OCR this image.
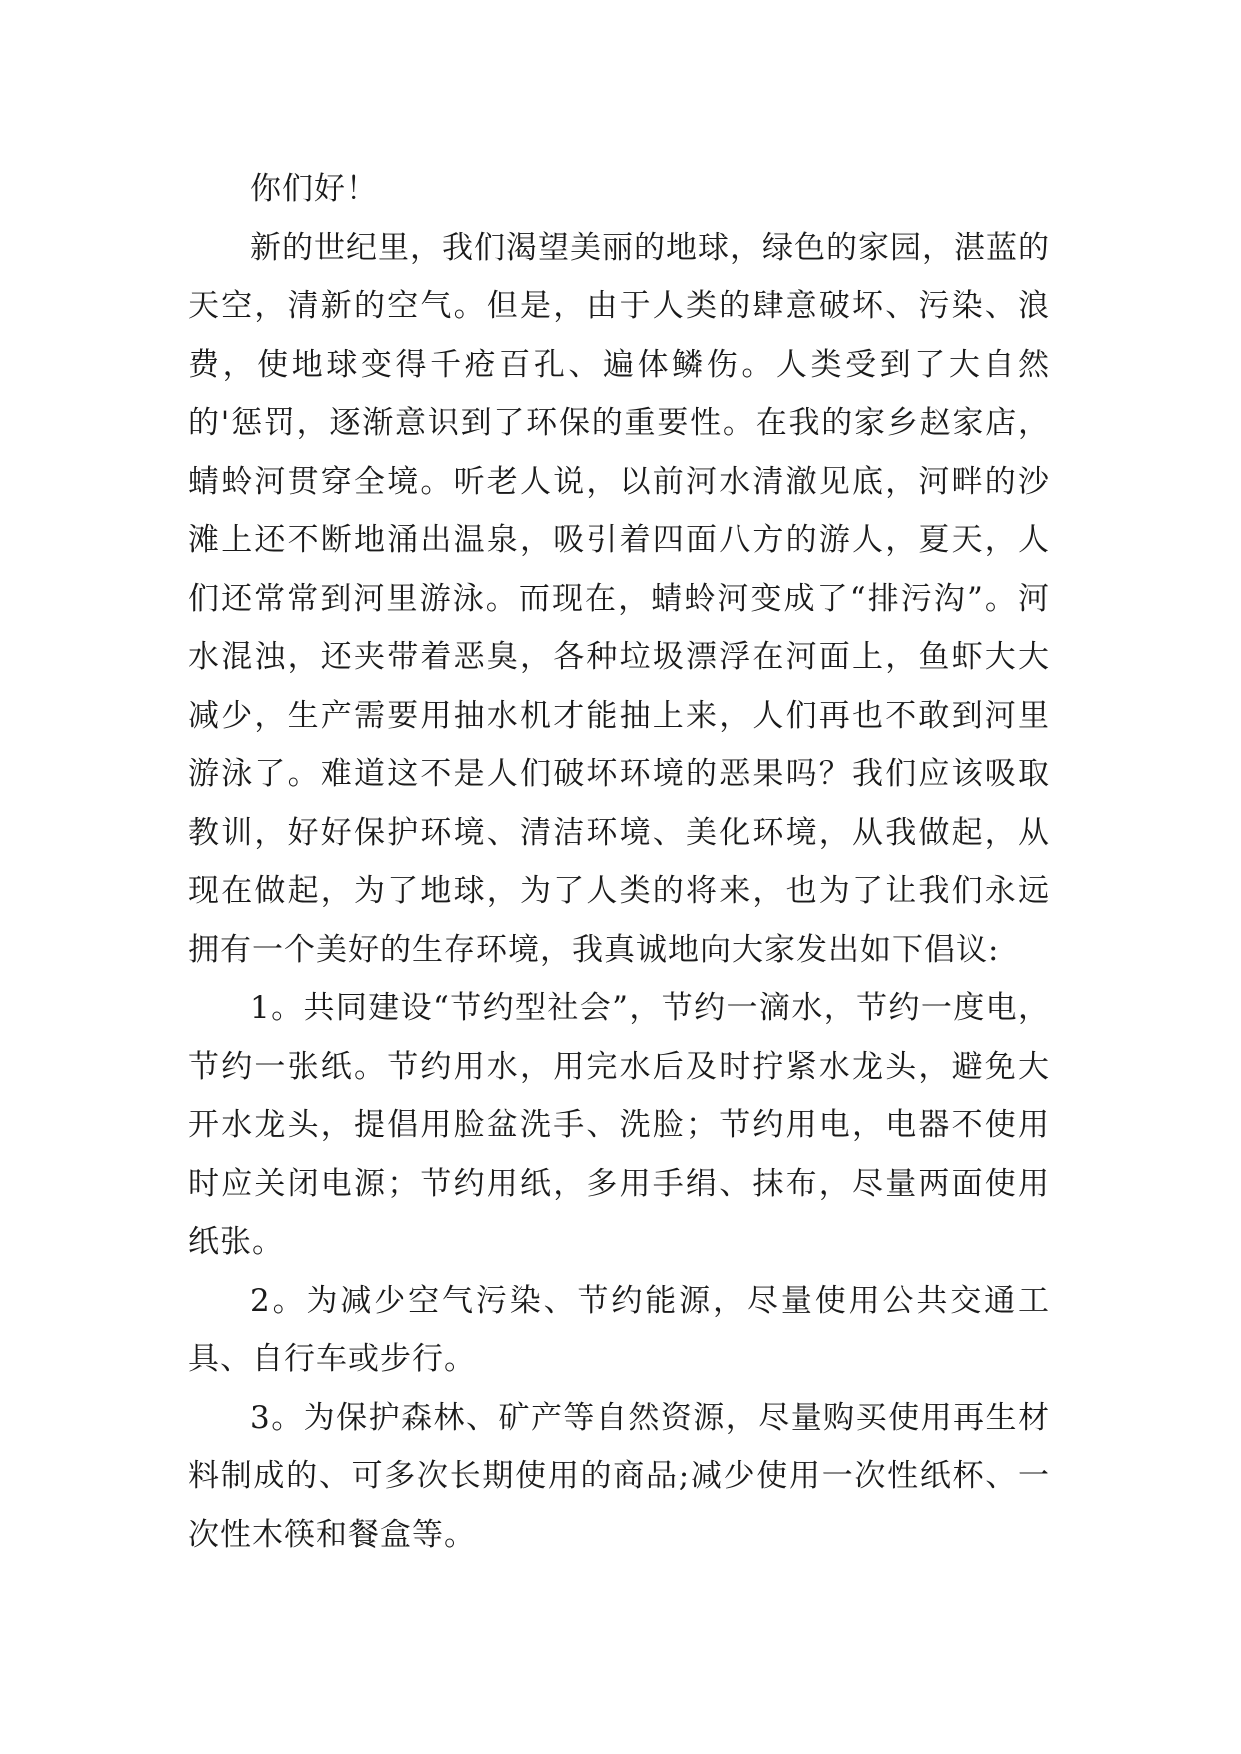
你们好！

新的世纪里，我们渴望美丽的地球，绿色的家园，湛蓝的天空，清新的空气。但是，由于人类的肆意破坏、污染、浪费，使地球变得千疮百孔、遍体鳞伤。人类受到了大自然的'惩罚，逐渐意识到了环保的重要性。在我的家乡赵家店，蜻蛉河贯穿全境。听老人说，以前河水清澈见底，河畔的沙滩上还不断地涌出温泉，吸引着四面八方的游人，夏天，人们还常常到河里游泳。而现在，蜻蛉河变成了“排污沟”。河水混浊，还夹带着恶臭，各种垃圾漂浮在河面上，鱼虾大大减少，生产需要用抽水机才能抽上来，人们再也不敢到河里游泳了。难道这不是人们破坏环境的恶果吗？我们应该吸取教训，好好保护环境、清洁环境、美化环境，从我做起，从现在做起，为了地球，为了人类的将来，也为了让我们永远拥有一个美好的生存环境，我真诚地向大家发出如下倡议:

1。共同建设“节约型社会”，节约一滴水，节约一度电，节约一张纸。节约用水，用完水后及时拧紧水龙头，避免大开水龙头，提倡用脸盆洗手、洗脸；节约用电，电器不使用时应关闭电源；节约用纸，多用手绢、抹布，尽量两面使用纸张。

2。为减少空气污染、节约能源，尽量使用公共交通工具、自行车或步行。

3。为保护森林、矿产等自然资源，尽量购买使用再生材料制成的、可多次长期使用的商品;减少使用一次性纸杯、一次性木筷和餐盒等。
